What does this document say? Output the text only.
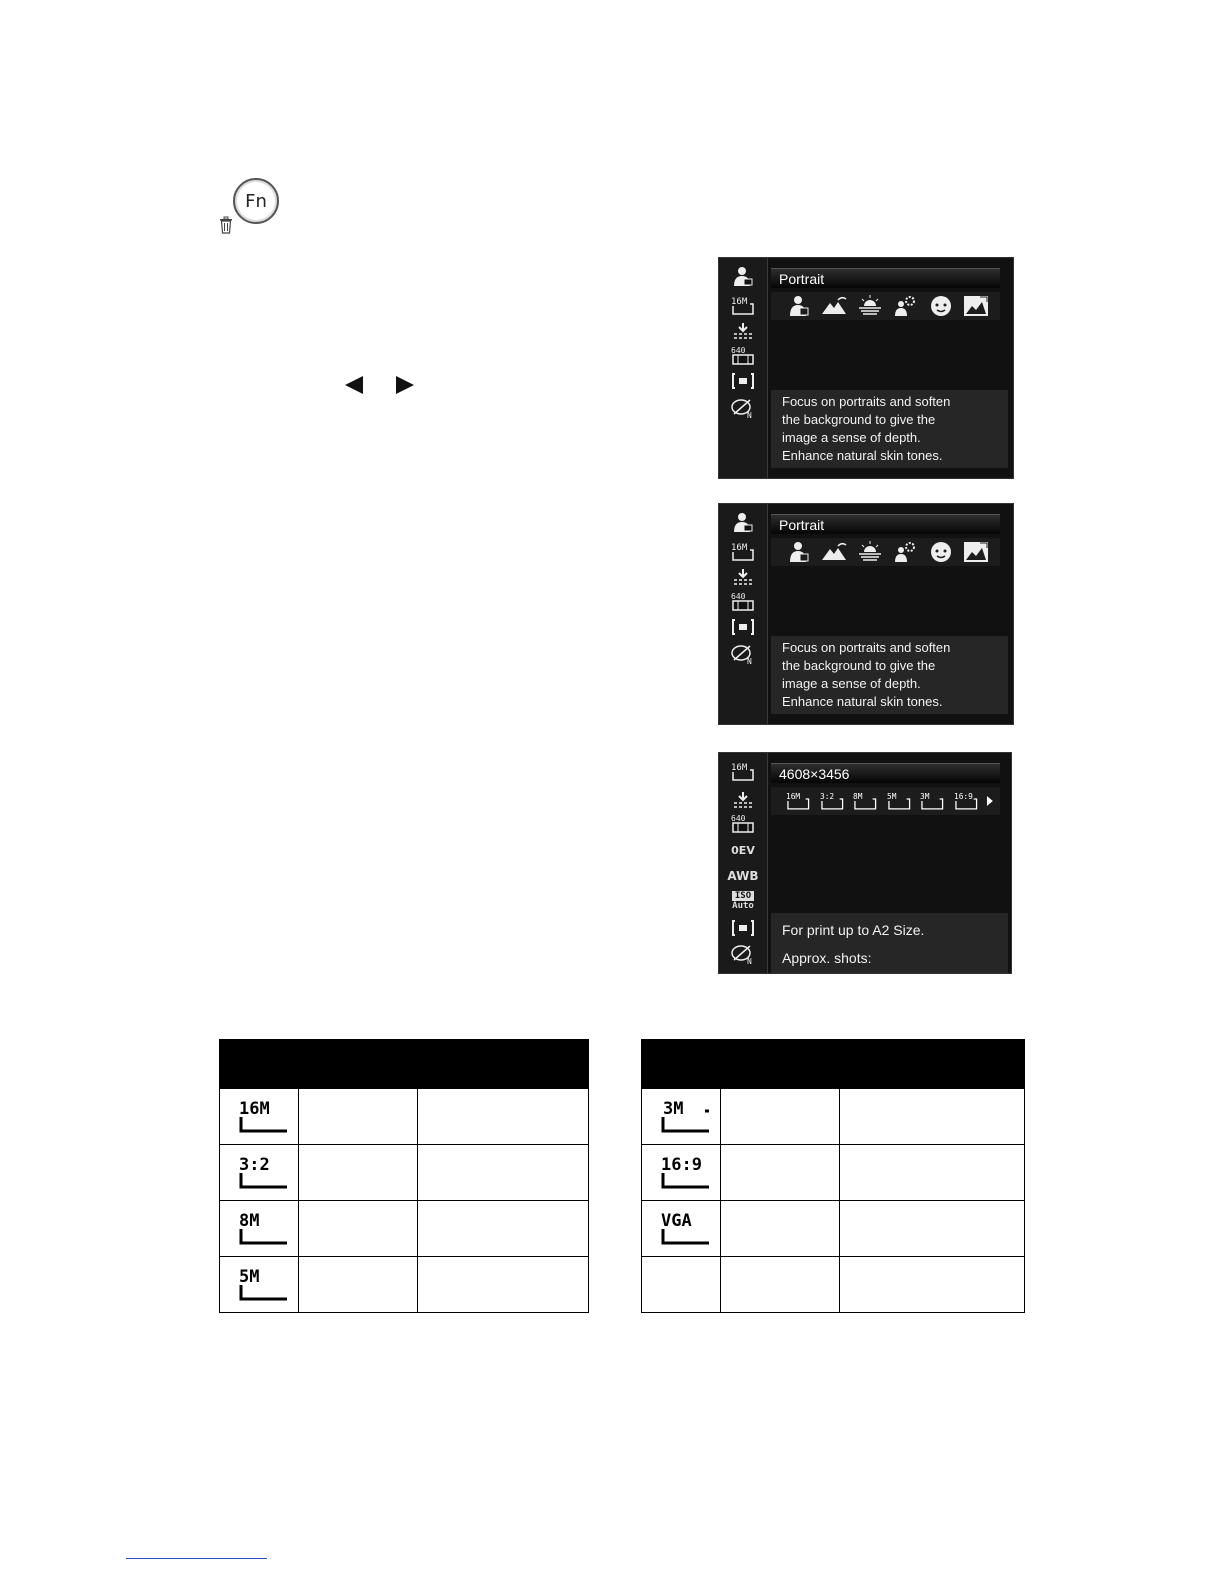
Fn
16M
640
N
Portrait

Focus on portraits and soften

the background to give the

image a sense of depth.

Enhance natural skin tones.

16M
640
N
Portrait

Focus on portraits and soften

the background to give the

image a sense of depth.

Enhance natural skin tones.

16M
640
0EV
AWB
ISO
Auto
N
4608×3456
16M 3:2 8M	5M	3M	16:9

For print up to A2 Size.

Approx. shots:

16M		

3:2		

8M		

5M		

3M		

16:9		

VGA		
